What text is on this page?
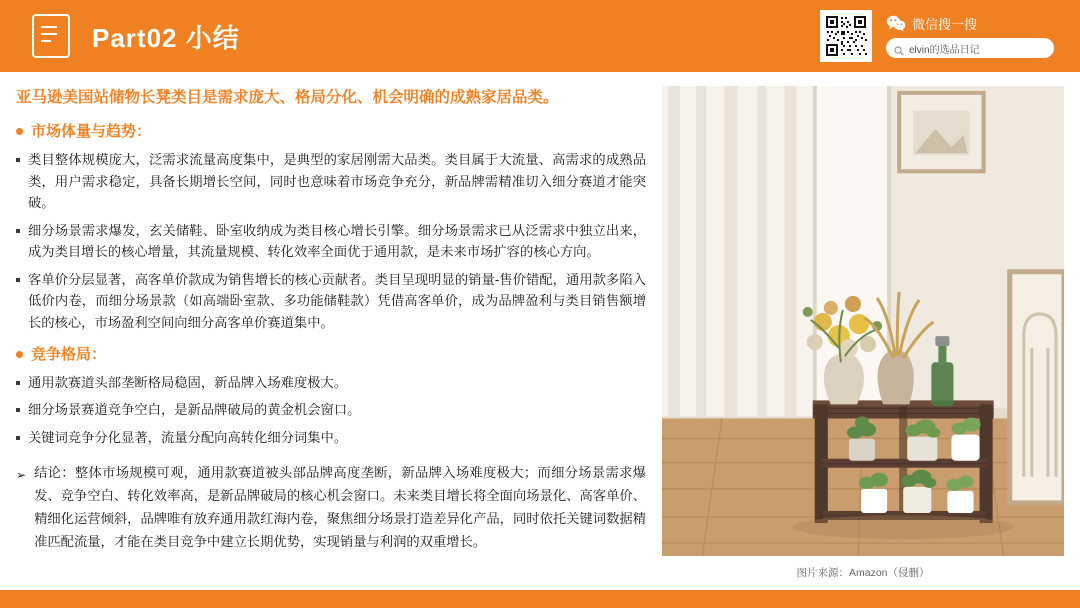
Part02 小结	微信搜一搜
elvin的选品日记

亚马逊美国站储物长凳类目是需求庞大、格局分化、机会明确的成熟家居品类。

市场体量与趋势：
类目整体规模庞大，泛需求流量高度集中，是典型的家居刚需大品类。类目属于大流量、高需求的成熟品类，用户需求稳定，具备长期增长空间，同时也意味着市场竞争充分，新品牌需精准切入细分赛道才能突破。
细分场景需求爆发，玄关储鞋、卧室收纳成为类目核心增长引擎。细分场景需求已从泛需求中独立出来，成为类目增长的核心增量，其流量规模、转化效率全面优于通用款，是未来市场扩容的核心方向。
客单价分层显著，高客单价款成为销售增长的核心贡献者。类目呈现明显的销量-售价错配，通用款多陷入低价内卷，而细分场景款（如高端卧室款、多功能储鞋款）凭借高客单价，成为品牌盈利与类目销售额增长的核心，市场盈利空间向细分高客单价赛道集中。
竞争格局：
通用款赛道头部垄断格局稳固，新品牌入场难度极大。
细分场景赛道竞争空白，是新品牌破局的黄金机会窗口。
关键词竞争分化显著，流量分配向高转化细分词集中。
➢ 结论：整体市场规模可观，通用款赛道被头部品牌高度垄断，新品牌入场难度极大；而细分场景需求爆发、竞争空白、转化效率高，是新品牌破局的核心机会窗口。未来类目增长将全面向场景化、高客单价、精细化运营倾斜，品牌唯有放弃通用款红海内卷，聚焦细分场景打造差异化产品，同时依托关键词数据精准匹配流量，才能在类目竞争中建立长期优势，实现销量与利润的双重增长。
图片来源：Amazon（侵删）
